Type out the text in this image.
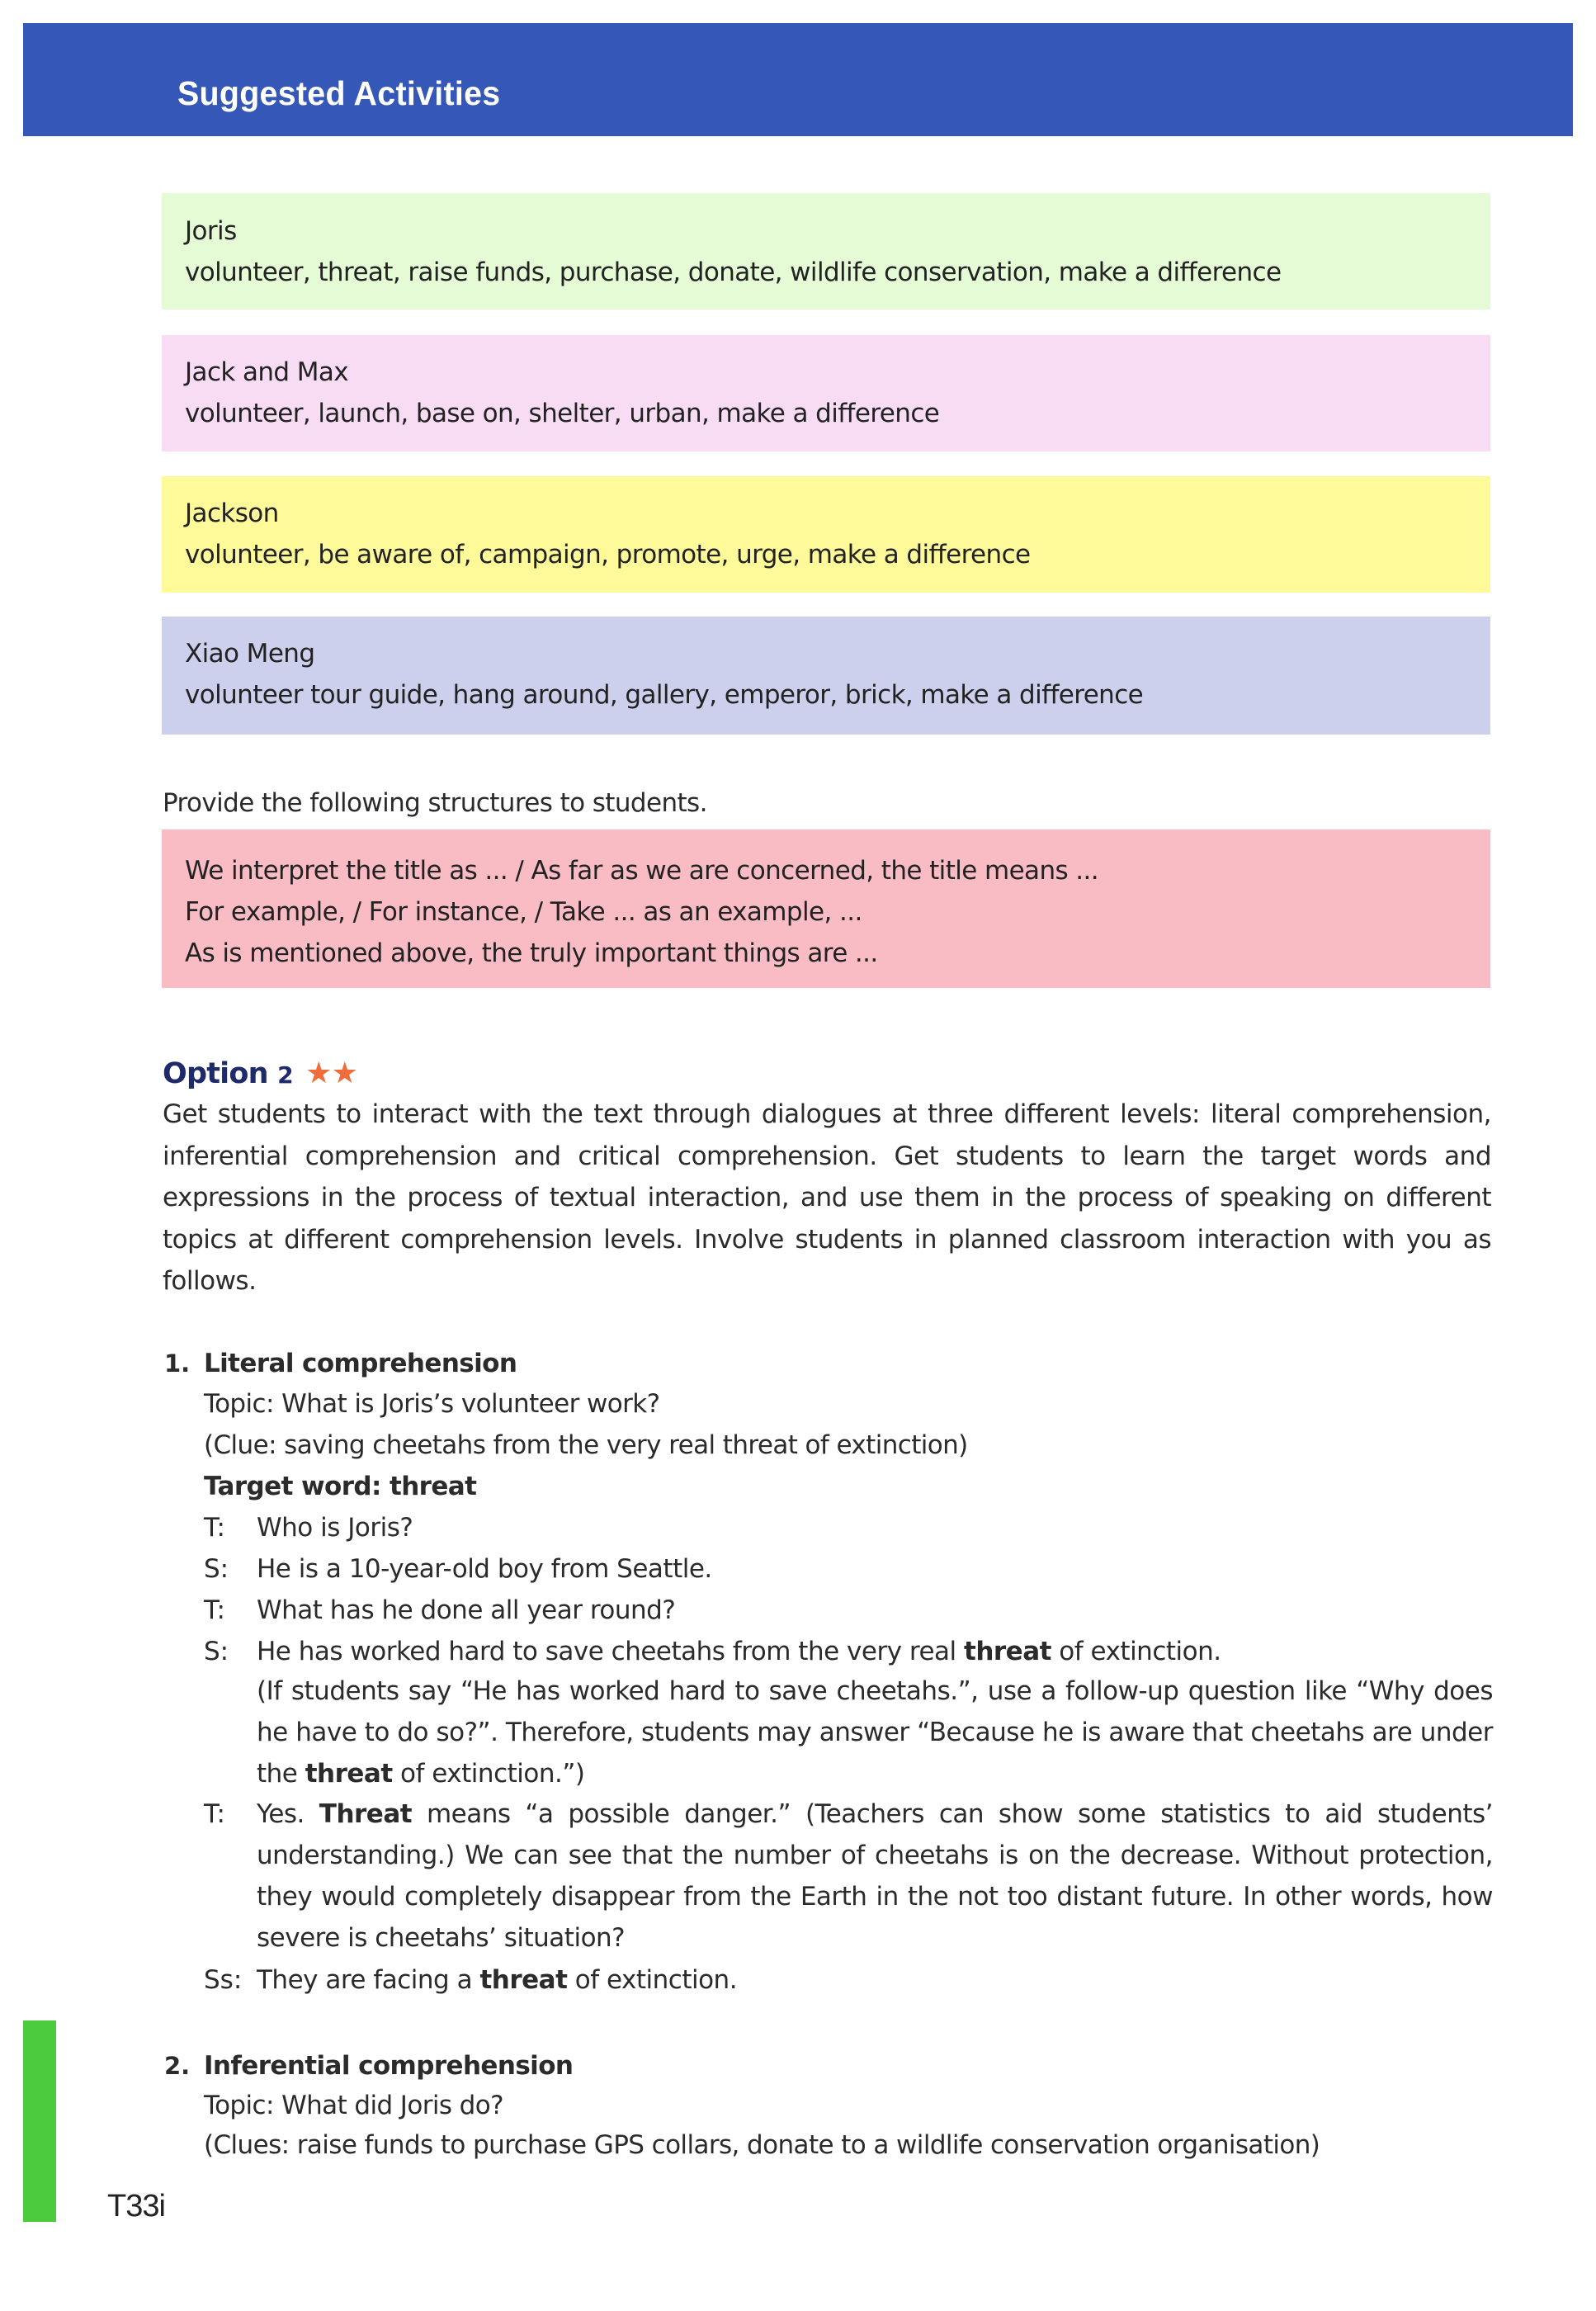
Suggested Activities
Joris
volunteer, threat, raise funds, purchase, donate, wildlife conservation, make a difference
Jack and Max
volunteer, launch, base on, shelter, urban, make a difference
Jackson
volunteer, be aware of, campaign, promote, urge, make a difference
Xiao Meng
volunteer tour guide, hang around, gallery, emperor, brick, make a difference
Provide the following structures to students.
We interpret the title as ... / As far as we are concerned, the title means ...
For example, / For instance, / Take ... as an example, ...
As is mentioned above, the truly important things are ...
Option 2 ★★
Get students to interact with the text through dialogues at three different levels: literal comprehension, inferential comprehension and critical comprehension. Get students to learn the target words and expressions in the process of textual interaction, and use them in the process of speaking on different topics at different comprehension levels. Involve students in planned classroom interaction with you as follows.
1. Literal comprehension
Topic: What is Joris’s volunteer work?
(Clue: saving cheetahs from the very real threat of extinction)
Target word: threat
T: Who is Joris?
S: He is a 10-year-old boy from Seattle.
T: What has he done all year round?
S: He has worked hard to save cheetahs from the very real threat of extinction.
(If students say “He has worked hard to save cheetahs.”, use a follow-up question like “Why does he have to do so?”. Therefore, students may answer “Because he is aware that cheetahs are under the threat of extinction.”)
T: Yes. Threat means “a possible danger.” (Teachers can show some statistics to aid students’ understanding.) We can see that the number of cheetahs is on the decrease. Without protection, they would completely disappear from the Earth in the not too distant future. In other words, how severe is cheetahs’ situation?
Ss: They are facing a threat of extinction.
2. Inferential comprehension
Topic: What did Joris do?
(Clues: raise funds to purchase GPS collars, donate to a wildlife conservation organisation)
T33i
